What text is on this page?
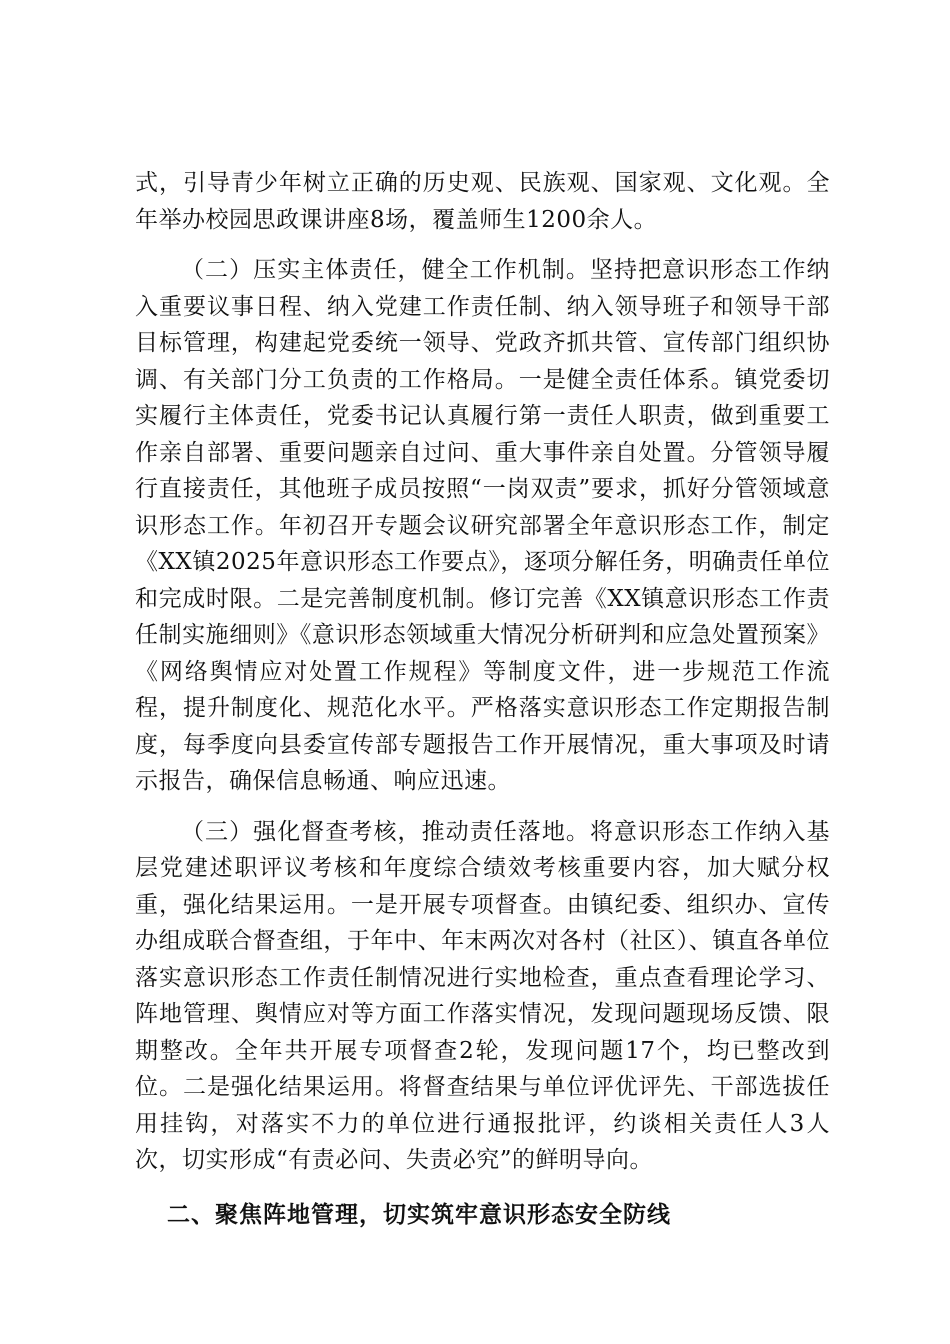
式，引导青少年树立正确的历史观、民族观、国家观、文化观。全年举办校园思政课讲座8场，覆盖师生1200余人。

（二）压实主体责任，健全工作机制。坚持把意识形态工作纳入重要议事日程、纳入党建工作责任制、纳入领导班子和领导干部目标管理，构建起党委统一领导、党政齐抓共管、宣传部门组织协调、有关部门分工负责的工作格局。一是健全责任体系。镇党委切实履行主体责任，党委书记认真履行第一责任人职责，做到重要工作亲自部署、重要问题亲自过问、重大事件亲自处置。分管领导履行直接责任，其他班子成员按照“一岗双责”要求，抓好分管领域意识形态工作。年初召开专题会议研究部署全年意识形态工作，制定《XX镇2025年意识形态工作要点》，逐项分解任务，明确责任单位和完成时限。二是完善制度机制。修订完善《XX镇意识形态工作责任制实施细则》《意识形态领域重大情况分析研判和应急处置预案》《网络舆情应对处置工作规程》等制度文件，进一步规范工作流程，提升制度化、规范化水平。严格落实意识形态工作定期报告制度，每季度向县委宣传部专题报告工作开展情况，重大事项及时请示报告，确保信息畅通、响应迅速。

（三）强化督查考核，推动责任落地。将意识形态工作纳入基层党建述职评议考核和年度综合绩效考核重要内容，加大赋分权重，强化结果运用。一是开展专项督查。由镇纪委、组织办、宣传办组成联合督查组，于年中、年末两次对各村（社区）、镇直各单位落实意识形态工作责任制情况进行实地检查，重点查看理论学习、阵地管理、舆情应对等方面工作落实情况，发现问题现场反馈、限期整改。全年共开展专项督查2轮，发现问题17个，均已整改到位。二是强化结果运用。将督查结果与单位评优评先、干部选拔任用挂钩，对落实不力的单位进行通报批评，约谈相关责任人3人次，切实形成“有责必问、失责必究”的鲜明导向。

二、聚焦阵地管理，切实筑牢意识形态安全防线
